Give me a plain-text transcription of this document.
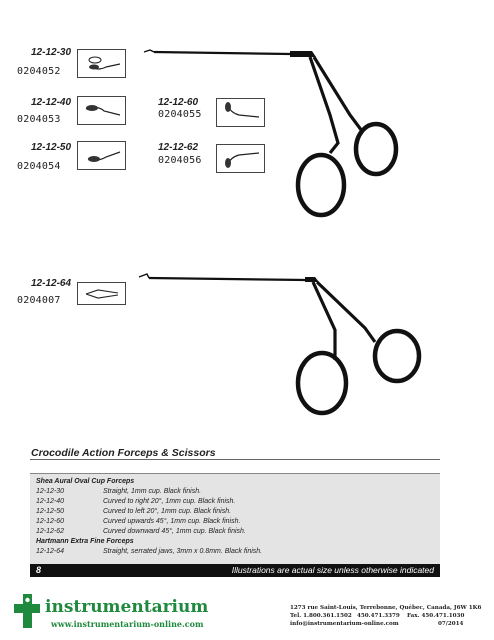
12-12-30
0204052
12-12-40
0204053
12-12-50
0204054
12-12-60
0204055
12-12-62
0204056
12-12-64
0204007
Crocodile Action Forceps & Scissors
Shea Aural Oval Cup Forceps
12-12-30	Straight, 1mm cup. Black finish.
12-12-40	Curved to right 20°, 1mm cup. Black finish.
12-12-50	Curved to left 20°, 1mm cup. Black finish.
12-12-60	Curved upwards 45°, 1mm cup. Black finish.
12-12-62	Curved downward 45°, 1mm cup. Black finish.
Hartmann Extra Fine Forceps
12-12-64	Straight, serrated jaws, 3mm x 0.8mm. Black finish.
8	Illustrations are actual size unless otherwise indicated
instrumentarium
www.instrumentarium-online.com
1273 rue Saint-Louis, Terrebonne, Québec, Canada, J6W 1K6
Tel. 1.800.361.1502 450.471.3379 Fax. 450.471.1030
info@instrumentarium-online.com	07/2014
